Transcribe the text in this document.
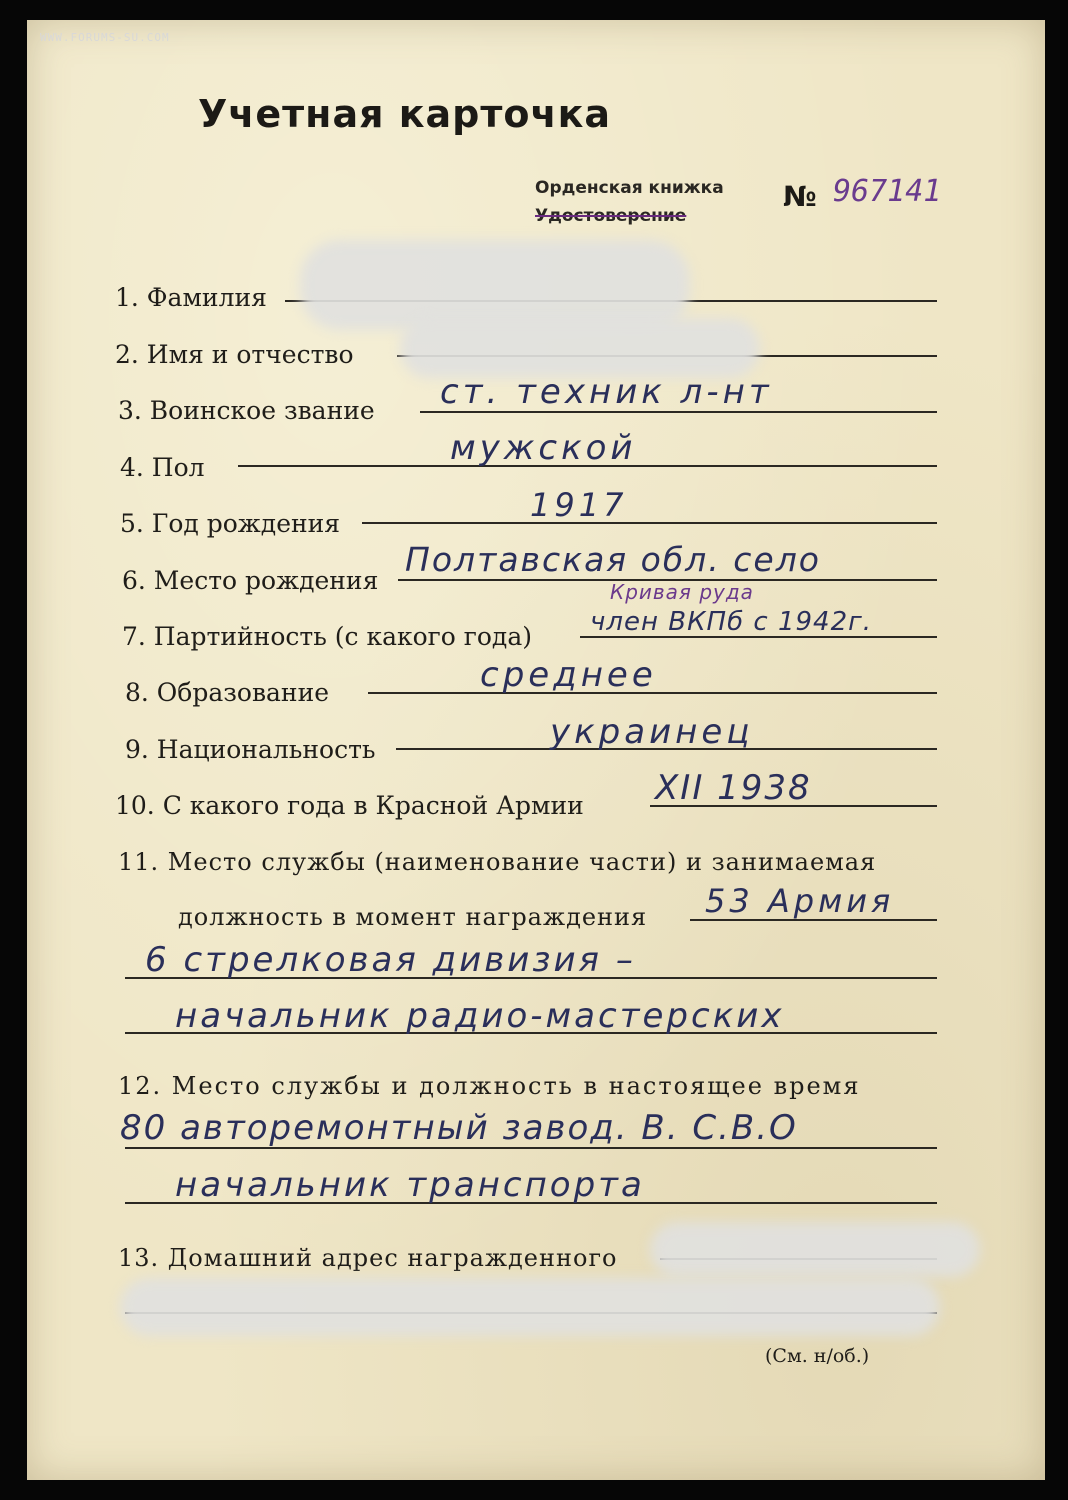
WWW.FORUMS-SU.COM
Учетная карточка
Орденская книжка
Удостоверение
№ 967141
1. Фамилия
2. Имя и отчество
3. Воинское звание ст. техник л-нт
4. Пол	мужской
5. Год рождения	1917
6. Место рождения
Полтавская обл. село
Кривая руда
7. Партийность (с какого года) член ВКПб с 1942г.
8. Образование	среднее
9. Национальность	украинец
10. С какого года в Красной Армии XII 1938
11. Место службы (наименование части) и занимаемая
должность в момент награждения 53 Армия
6 стрелковая дивизия –
начальник радио-мастерских
12. Место службы и должность в настоящее время
80 авторемонтный завод. В. С.В.О
начальник транспорта
13. Домашний адрес награжденного
(См. н/об.)
